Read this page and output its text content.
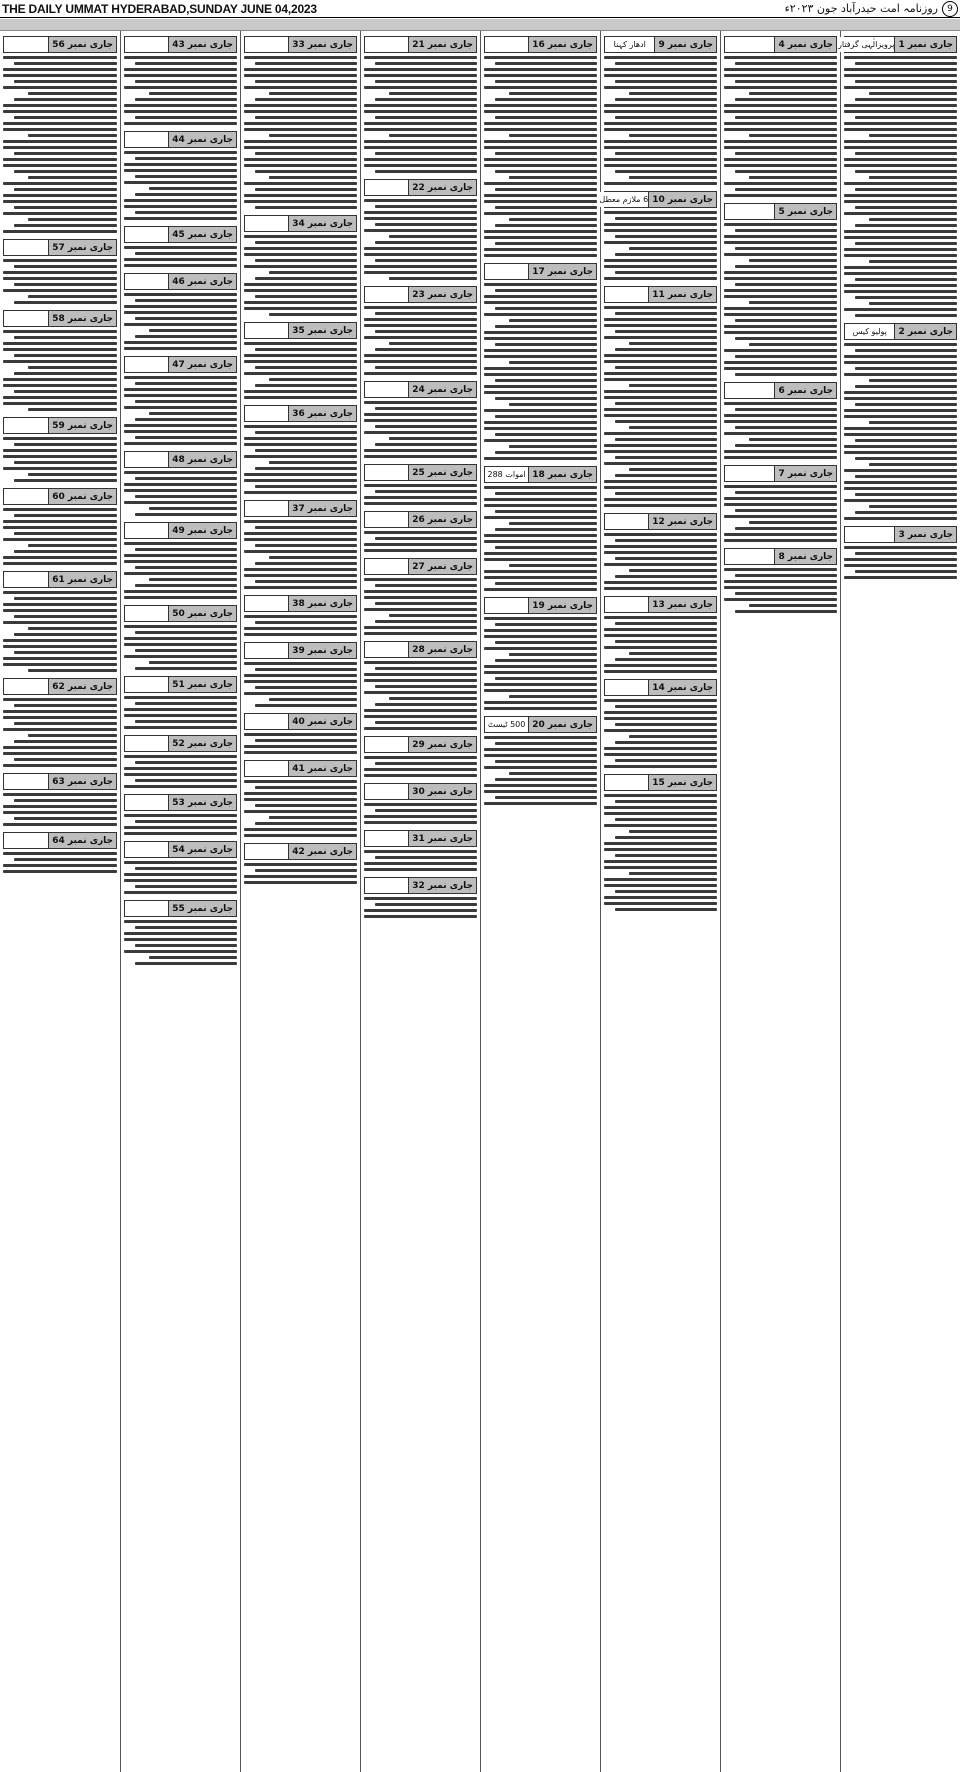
THE DAILY UMMAT HYDERABAD,SUNDAY JUNE 04,2023	9
روزنامہ امت حیدرآباد جون ۲۰۲۳ء
جاری نمبر 1
پرویزالٰہی گرفتار
جاری نمبر 2
پولیو کیس
جاری نمبر 3
جاری نمبر 4
جاری نمبر 5
جاری نمبر 6
جاری نمبر 7
جاری نمبر 8
جاری نمبر 9
ادھار کہنا
جاری نمبر 10
6 ملازم معطل
جاری نمبر 11
جاری نمبر 12
جاری نمبر 13
جاری نمبر 14
جاری نمبر 15
جاری نمبر 16
جاری نمبر 17
جاری نمبر 18
اموات 288
جاری نمبر 19
جاری نمبر 20
500 ٹیسٹ
جاری نمبر 21
جاری نمبر 22
جاری نمبر 23
جاری نمبر 24
جاری نمبر 25
جاری نمبر 26
جاری نمبر 27
جاری نمبر 28
جاری نمبر 29
جاری نمبر 30
جاری نمبر 31
جاری نمبر 32
جاری نمبر 33
جاری نمبر 34
جاری نمبر 35
جاری نمبر 36
جاری نمبر 37
جاری نمبر 38
جاری نمبر 39
جاری نمبر 40
جاری نمبر 41
جاری نمبر 42
جاری نمبر 43
جاری نمبر 44
جاری نمبر 45
جاری نمبر 46
جاری نمبر 47
جاری نمبر 48
جاری نمبر 49
جاری نمبر 50
جاری نمبر 51
جاری نمبر 52
جاری نمبر 53
جاری نمبر 54
جاری نمبر 55
جاری نمبر 56
جاری نمبر 57
جاری نمبر 58
جاری نمبر 59
جاری نمبر 60
جاری نمبر 61
جاری نمبر 62
جاری نمبر 63
جاری نمبر 64
